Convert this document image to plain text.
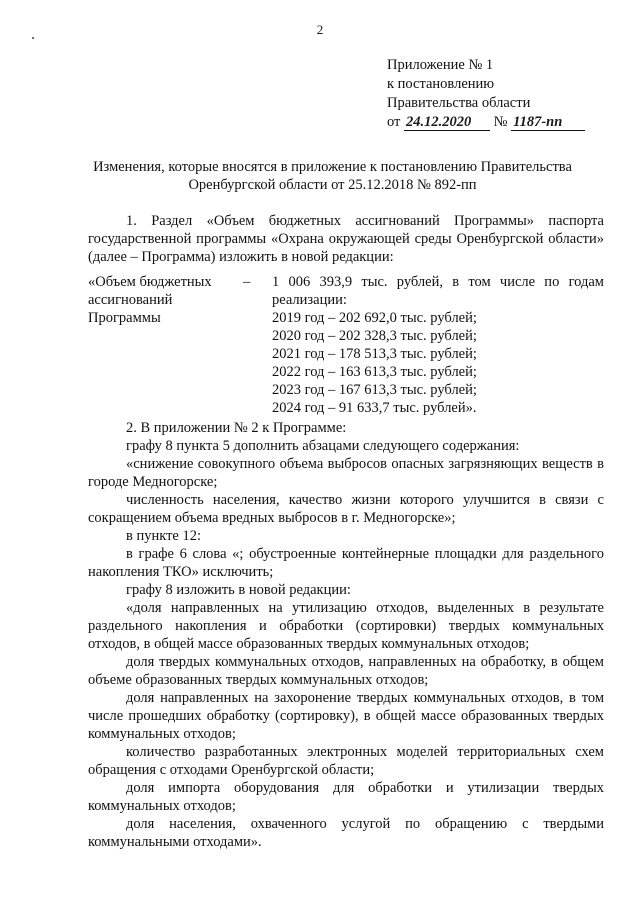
2
Приложение № 1
к постановлению
Правительства области
от 24.12.2020 № 1187-пп
Изменения, которые вносятся в приложение к постановлению Правительства
Оренбургской области от 25.12.2018 № 892-пп
1. Раздел «Объем бюджетных ассигнований Программы» паспорта государственной программы «Охрана окружающей среды Оренбургской области» (далее – Программа) изложить в новой редакции:
«Объем бюджетных
ассигнований
Программы
– 1 006 393,9 тыс. рублей, в том числе по годам
реализации:
2019 год – 202 692,0 тыс. рублей;
2020 год – 202 328,3 тыс. рублей;
2021 год – 178 513,3 тыс. рублей;
2022 год – 163 613,3 тыс. рублей;
2023 год – 167 613,3 тыс. рублей;
2024 год – 91 633,7 тыс. рублей».
2. В приложении № 2 к Программе:
графу 8 пункта 5 дополнить абзацами следующего содержания:
«снижение совокупного объема выбросов опасных загрязняющих веществ в городе Медногорске;
численность населения, качество жизни которого улучшится в связи с сокращением объема вредных выбросов в г. Медногорске»;
в пункте 12:
в графе 6 слова «; обустроенные контейнерные площадки для раздельного накопления ТКО» исключить;
графу 8 изложить в новой редакции:
«доля направленных на утилизацию отходов, выделенных в результате раздельного накопления и обработки (сортировки) твердых коммунальных отходов, в общей массе образованных твердых коммунальных отходов;
доля твердых коммунальных отходов, направленных на обработку, в общем объеме образованных твердых коммунальных отходов;
доля направленных на захоронение твердых коммунальных отходов, в том числе прошедших обработку (сортировку), в общей массе образованных твердых коммунальных отходов;
количество разработанных электронных моделей территориальных схем обращения с отходами Оренбургской области;
доля импорта оборудования для обработки и утилизации твердых коммунальных отходов;
доля населения, охваченного услугой по обращению с твердыми коммунальными отходами».
